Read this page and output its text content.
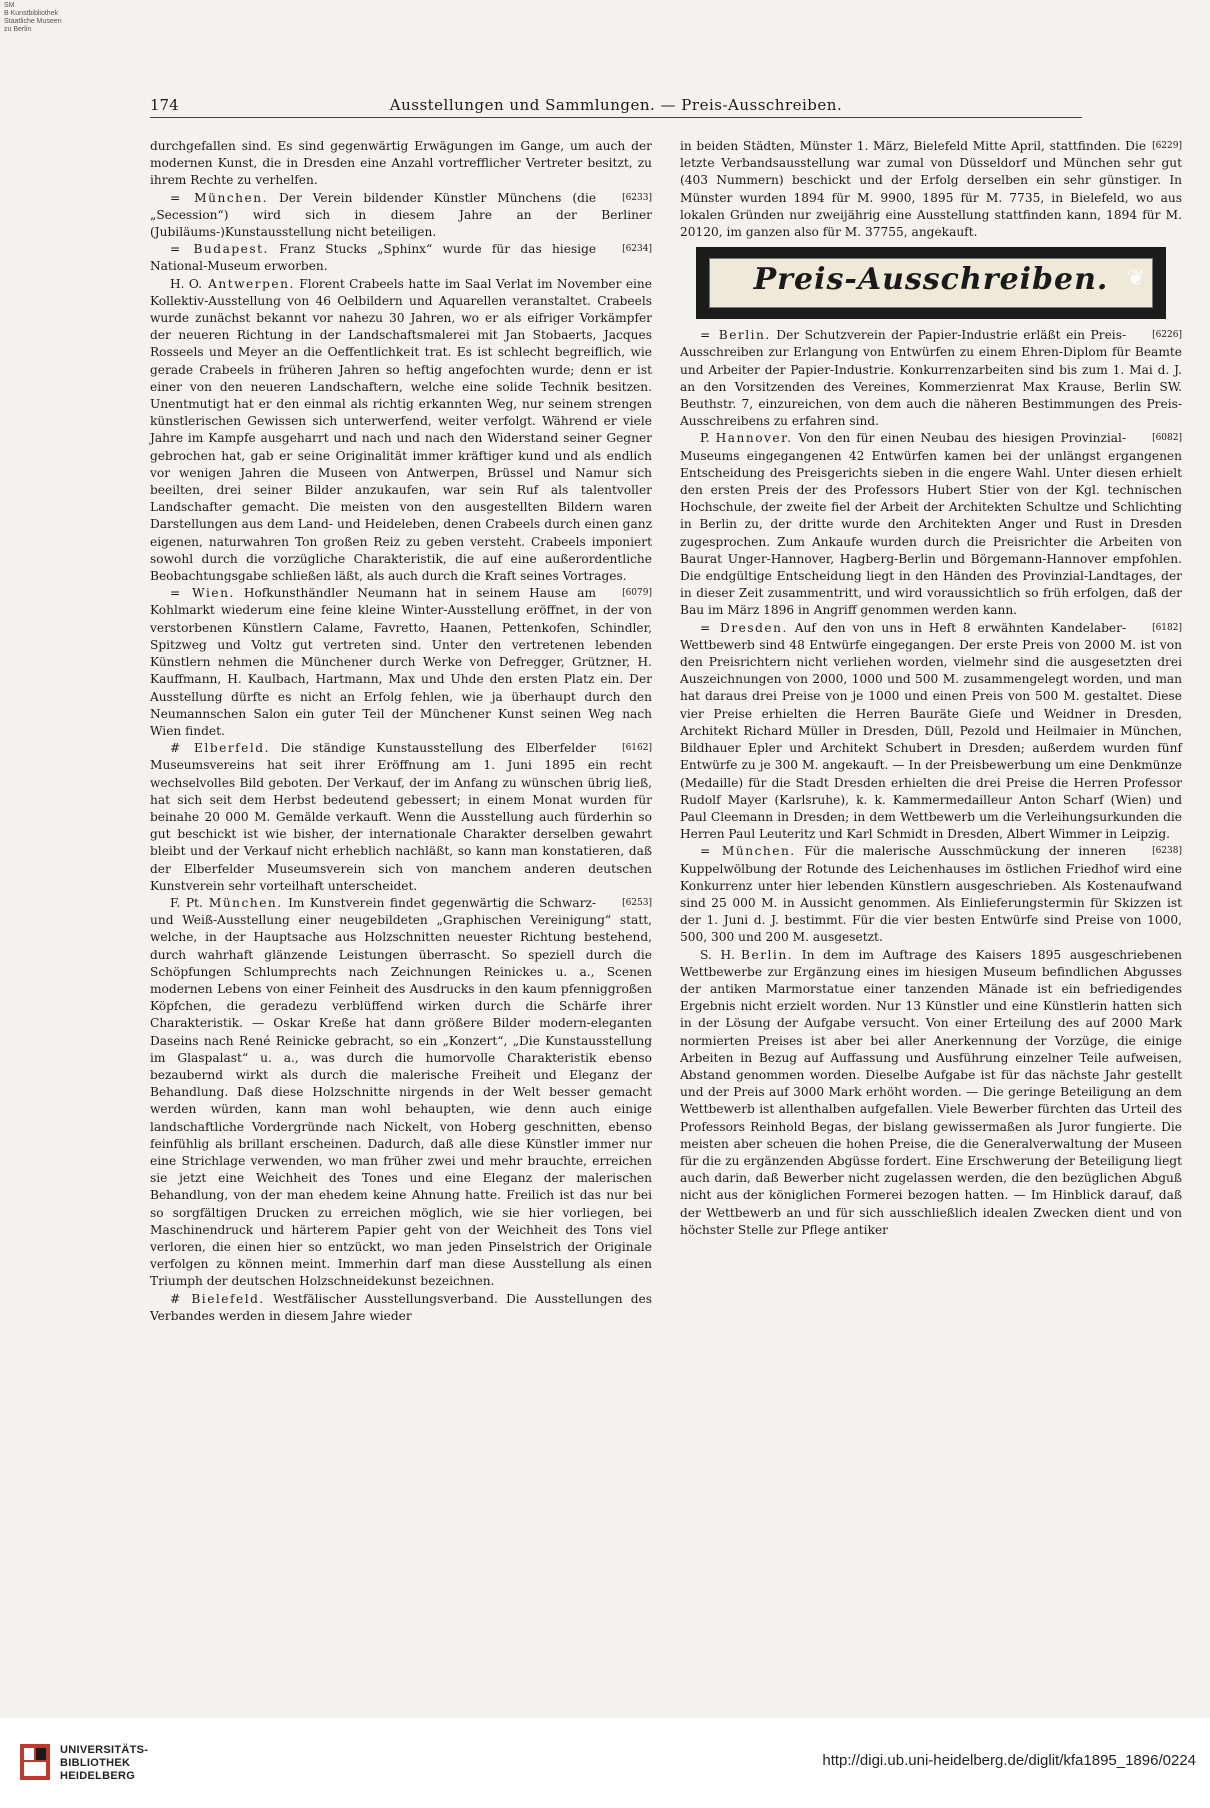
SM
B Kunstbibliothek
Staatliche Museen
zu Berlin
174	Ausstellungen und Sammlungen. — Preis-Ausschreiben.

durchgefallen sind. Es sind gegenwärtig Erwägungen im Gange, um auch der modernen Kunst, die in Dresden eine Anzahl vortrefflicher Vertreter besitzt, zu ihrem Rechte zu verhelfen.

[6233]
= München. Der Verein bildender Künstler Münchens (die „Secession“) wird sich in diesem Jahre an der Berliner (Jubiläums-)Kunstausstellung nicht beteiligen.

[6234]
= Budapest. Franz Stucks „Sphinx“ wurde für das hiesige National-Museum erworben.

H. O. Antwerpen. Florent Crabeels hatte im Saal Verlat im November eine Kollektiv-Ausstellung von 46 Oelbildern und Aquarellen veranstaltet. Crabeels wurde zunächst bekannt vor nahezu 30 Jahren, wo er als eifriger Vorkämpfer der neueren Richtung in der Landschaftsmalerei mit Jan Stobaerts, Jacques Rosseels und Meyer an die Oeffentlichkeit trat. Es ist schlecht begreiflich, wie gerade Crabeels in früheren Jahren so heftig angefochten wurde; denn er ist einer von den neueren Landschaftern, welche eine solide Technik besitzen. Unentmutigt hat er den einmal als richtig erkannten Weg, nur seinem strengen künstlerischen Gewissen sich unterwerfend, weiter verfolgt. Während er viele Jahre im Kampfe ausgeharrt und nach und nach den Widerstand seiner Gegner gebrochen hat, gab er seine Originalität immer kräftiger kund und als endlich vor wenigen Jahren die Museen von Antwerpen, Brüssel und Namur sich beeilten, drei seiner Bilder anzukaufen, war sein Ruf als talentvoller Landschafter gemacht. Die meisten von den ausgestellten Bildern waren Darstellungen aus dem Land- und Heideleben, denen Crabeels durch einen ganz eigenen, naturwahren Ton großen Reiz zu geben versteht. Crabeels imponiert sowohl durch die vorzügliche Charakteristik, die auf eine außerordentliche Beobachtungsgabe schließen läßt, als auch durch die Kraft seines Vortrages.

[6079]
= Wien. Hofkunsthändler Neumann hat in seinem Hause am Kohlmarkt wiederum eine feine kleine Winter-Ausstellung eröffnet, in der von verstorbenen Künstlern Calame, Favretto, Haanen, Pettenkofen, Schindler, Spitzweg und Voltz gut vertreten sind. Unter den vertretenen lebenden Künstlern nehmen die Münchener durch Werke von Defregger, Grützner, H. Kauffmann, H. Kaulbach, Hartmann, Max und Uhde den ersten Platz ein. Der Ausstellung dürfte es nicht an Erfolg fehlen, wie ja überhaupt durch den Neumannschen Salon ein guter Teil der Münchener Kunst seinen Weg nach Wien findet.

[6162]
# Elberfeld. Die ständige Kunstausstellung des Elberfelder Museumsvereins hat seit ihrer Eröffnung am 1. Juni 1895 ein recht wechselvolles Bild geboten. Der Verkauf, der im Anfang zu wünschen übrig ließ, hat sich seit dem Herbst bedeutend gebessert; in einem Monat wurden für beinahe 20 000 M. Gemälde verkauft. Wenn die Ausstellung auch fürderhin so gut beschickt ist wie bisher, der internationale Charakter derselben gewahrt bleibt und der Verkauf nicht erheblich nachläßt, so kann man konstatieren, daß der Elberfelder Museumsverein sich von manchem anderen deutschen Kunstverein sehr vorteilhaft unterscheidet.

[6253]
F. Pt. München. Im Kunstverein findet gegenwärtig die Schwarz- und Weiß-Ausstellung einer neugebildeten „Graphischen Vereinigung“ statt, welche, in der Hauptsache aus Holzschnitten neuester Richtung bestehend, durch wahrhaft glänzende Leistungen überrascht. So speziell durch die Schöpfungen Schlumprechts nach Zeichnungen Reinickes u. a., Scenen modernen Lebens von einer Feinheit des Ausdrucks in den kaum pfenniggroßen Köpfchen, die geradezu verblüffend wirken durch die Schärfe ihrer Charakteristik. — Oskar Kreße hat dann größere Bilder modern-eleganten Daseins nach René Reinicke gebracht, so ein „Konzert“, „Die Kunstausstellung im Glaspalast“ u. a., was durch die humorvolle Charakteristik ebenso bezaubernd wirkt als durch die malerische Freiheit und Eleganz der Behandlung. Daß diese Holzschnitte nirgends in der Welt besser gemacht werden würden, kann man wohl behaupten, wie denn auch einige landschaftliche Vordergründe nach Nickelt, von Hoberg geschnitten, ebenso feinfühlig als brillant erscheinen. Dadurch, daß alle diese Künstler immer nur eine Strichlage verwenden, wo man früher zwei und mehr brauchte, erreichen sie jetzt eine Weichheit des Tones und eine Eleganz der malerischen Behandlung, von der man ehedem keine Ahnung hatte. Freilich ist das nur bei so sorgfältigen Drucken zu erreichen möglich, wie sie hier vorliegen, bei Maschinendruck und härterem Papier geht von der Weichheit des Tons viel verloren, die einen hier so entzückt, wo man jeden Pinselstrich der Originale verfolgen zu können meint. Immerhin darf man diese Ausstellung als einen Triumph der deutschen Holzschneidekunst bezeichnen.

# Bielefeld. Westfälischer Ausstellungsverband. Die Ausstellungen des Verbandes werden in diesem Jahre wieder

[6229]
in beiden Städten, Münster 1. März, Bielefeld Mitte April, stattfinden. Die letzte Verbandsausstellung war zumal von Düsseldorf und München sehr gut (403 Nummern) beschickt und der Erfolg derselben ein sehr günstiger. In Münster wurden 1894 für M. 9900, 1895 für M. 7735, in Bielefeld, wo aus lokalen Gründen nur zweijährig eine Ausstellung stattfinden kann, 1894 für M. 20120, im ganzen also für M. 37755, angekauft.

Preis-Ausschreiben. ❦

[6226]
= Berlin. Der Schutzverein der Papier-Industrie erläßt ein Preis-Ausschreiben zur Erlangung von Entwürfen zu einem Ehren-Diplom für Beamte und Arbeiter der Papier-Industrie. Konkurrenzarbeiten sind bis zum 1. Mai d. J. an den Vorsitzenden des Vereines, Kommerzienrat Max Krause, Berlin SW. Beuthstr. 7, einzureichen, von dem auch die näheren Bestimmungen des Preis-Ausschreibens zu erfahren sind.

[6082]
P. Hannover. Von den für einen Neubau des hiesigen Provinzial-Museums eingegangenen 42 Entwürfen kamen bei der unlängst ergangenen Entscheidung des Preisgerichts sieben in die engere Wahl. Unter diesen erhielt den ersten Preis der des Professors Hubert Stier von der Kgl. technischen Hochschule, der zweite fiel der Arbeit der Architekten Schultze und Schlichting in Berlin zu, der dritte wurde den Architekten Anger und Rust in Dresden zugesprochen. Zum Ankaufe wurden durch die Preisrichter die Arbeiten von Baurat Unger-Hannover, Hagberg-Berlin und Börgemann-Hannover empfohlen. Die endgültige Entscheidung liegt in den Händen des Provinzial-Landtages, der in dieser Zeit zusammentritt, und wird voraussichtlich so früh erfolgen, daß der Bau im März 1896 in Angriff genommen werden kann.

[6182]
= Dresden. Auf den von uns in Heft 8 erwähnten Kandelaber-Wettbewerb sind 48 Entwürfe eingegangen. Der erste Preis von 2000 M. ist von den Preisrichtern nicht verliehen worden, vielmehr sind die ausgesetzten drei Auszeichnungen von 2000, 1000 und 500 M. zusammengelegt worden, und man hat daraus drei Preise von je 1000 und einen Preis von 500 M. gestaltet. Diese vier Preise erhielten die Herren Bauräte Gieſe und Weidner in Dresden, Architekt Richard Müller in Dresden, Düll, Pezold und Heilmaier in München, Bildhauer Epler und Architekt Schubert in Dresden; außerdem wurden fünf Entwürfe zu je 300 M. angekauft. — In der Preisbewerbung um eine Denkmünze (Medaille) für die Stadt Dresden erhielten die drei Preise die Herren Professor Rudolf Mayer (Karlsruhe), k. k. Kammermedailleur Anton Scharf (Wien) und Paul Cleemann in Dresden; in dem Wettbewerb um die Verleihungsurkunden die Herren Paul Leuteritz und Karl Schmidt in Dresden, Albert Wimmer in Leipzig.

[6238]
= München. Für die malerische Ausschmückung der inneren Kuppelwölbung der Rotunde des Leichenhauses im östlichen Friedhof wird eine Konkurrenz unter hier lebenden Künstlern ausgeschrieben. Als Kostenaufwand sind 25 000 M. in Aussicht genommen. Als Einlieferungstermin für Skizzen ist der 1. Juni d. J. bestimmt. Für die vier besten Entwürfe sind Preise von 1000, 500, 300 und 200 M. ausgesetzt.

S. H. Berlin. In dem im Auftrage des Kaisers 1895 ausgeschriebenen Wettbewerbe zur Ergänzung eines im hiesigen Museum befindlichen Abgusses der antiken Marmorstatue einer tanzenden Mänade ist ein befriedigendes Ergebnis nicht erzielt worden. Nur 13 Künstler und eine Künstlerin hatten sich in der Lösung der Aufgabe versucht. Von einer Erteilung des auf 2000 Mark normierten Preises ist aber bei aller Anerkennung der Vorzüge, die einige Arbeiten in Bezug auf Auffassung und Ausführung einzelner Teile aufweisen, Abstand genommen worden. Dieselbe Aufgabe ist für das nächste Jahr gestellt und der Preis auf 3000 Mark erhöht worden. — Die geringe Beteiligung an dem Wettbewerb ist allenthalben aufgefallen. Viele Bewerber fürchten das Urteil des Professors Reinhold Begas, der bislang gewissermaßen als Juror fungierte. Die meisten aber scheuen die hohen Preise, die die Generalverwaltung der Museen für die zu ergänzenden Abgüsse fordert. Eine Erschwerung der Beteiligung liegt auch darin, daß Bewerber nicht zugelassen werden, die den bezüglichen Abguß nicht aus der königlichen Formerei bezogen hatten. — Im Hinblick darauf, daß der Wettbewerb an und für sich ausschließlich idealen Zwecken dient und von höchster Stelle zur Pflege antiker

UNIVERSITÄTS-
BIBLIOTHEK
HEIDELBERG
http://digi.ub.uni-heidelberg.de/diglit/kfa1895_1896/0224
